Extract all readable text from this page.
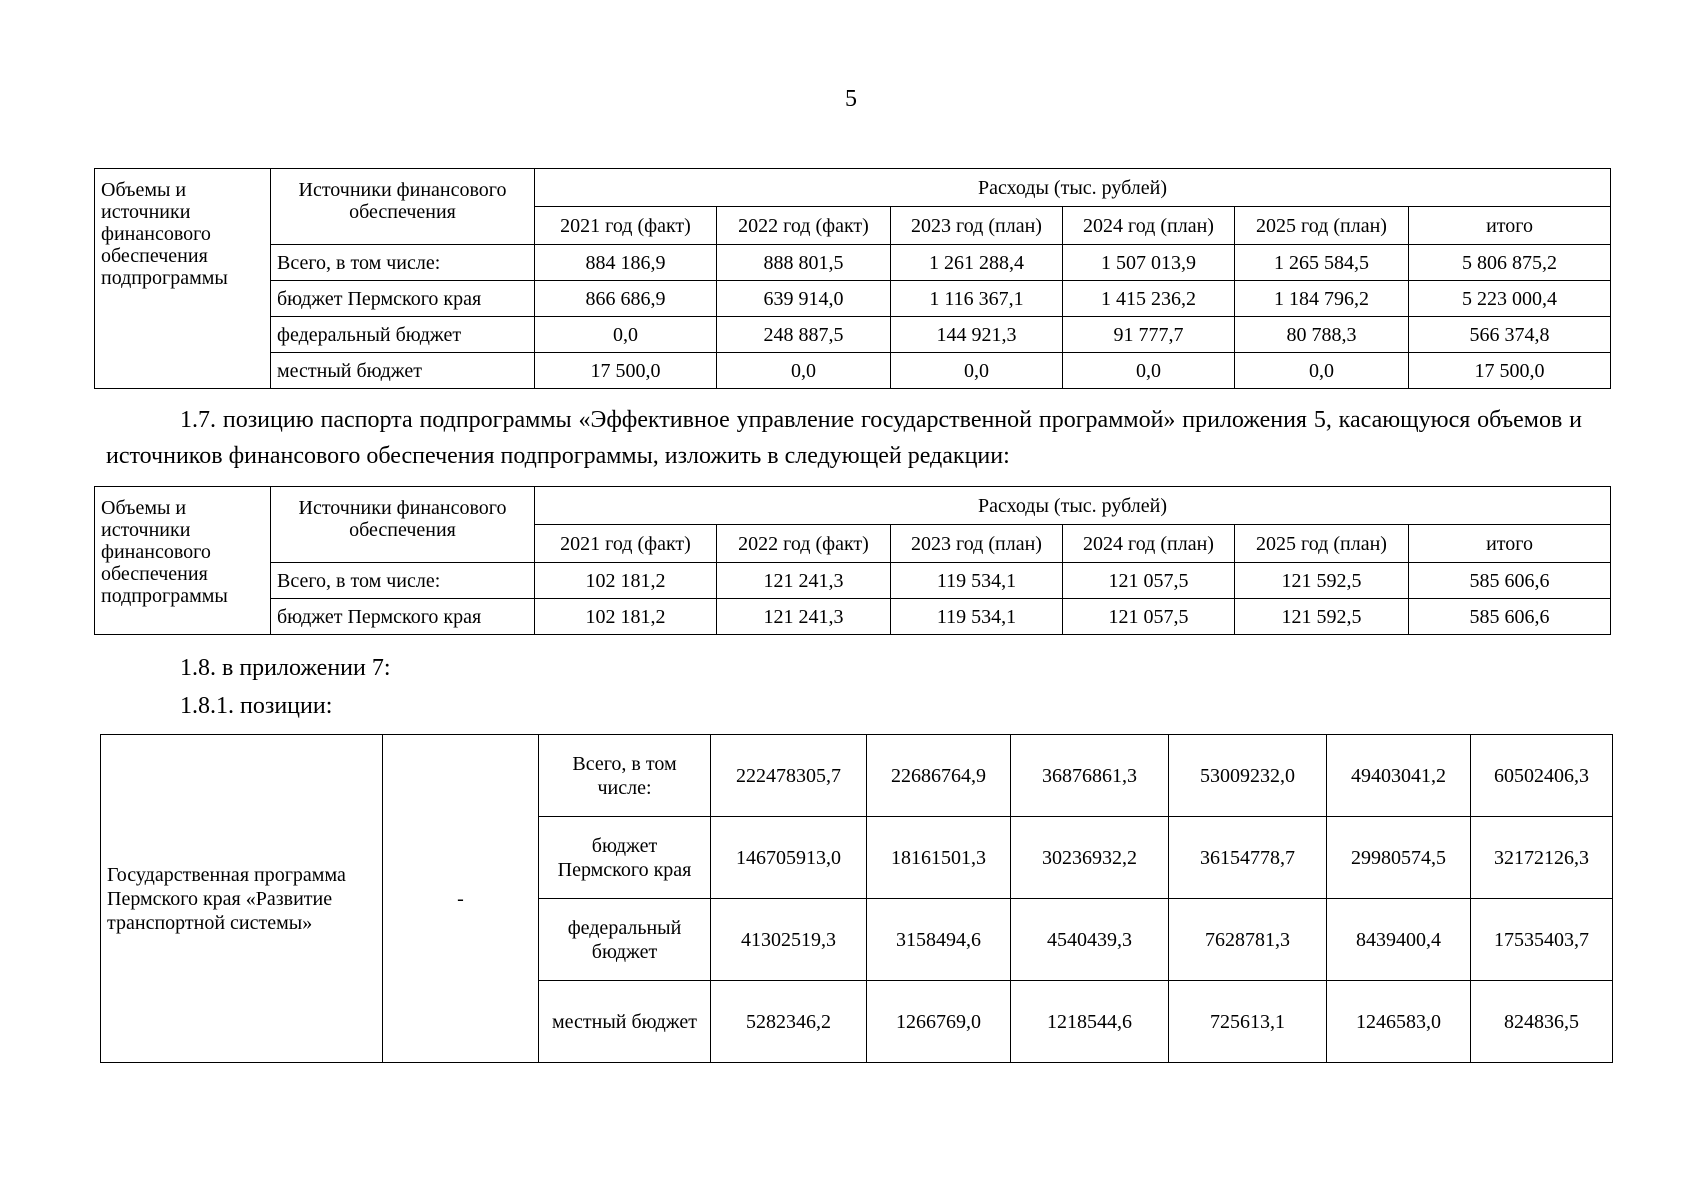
5
Объемы и источники финансового обеспечения подпрограммы	Источники финансового обеспечения	Расходы (тыс. рублей)					
		2021 год (факт)	2022 год (факт)	2023 год (план)	2024 год (план)	2025 год (план)	итого
	Всего, в том числе:	884 186,9	888 801,5	1 261 288,4	1 507 013,9	1 265 584,5	5 806 875,2
	бюджет Пермского края	866 686,9	639 914,0	1 116 367,1	1 415 236,2	1 184 796,2	5 223 000,4
	федеральный бюджет	0,0	248 887,5	144 921,3	91 777,7	80 788,3	566 374,8
	местный бюджет	17 500,0	0,0	0,0	0,0	0,0	17 500,0
1.7. позицию паспорта подпрограммы «Эффективное управление государственной программой» приложения 5, касающуюся объемов и источников финансового обеспечения подпрограммы, изложить в следующей редакции:
Объемы и источники финансового обеспечения подпрограммы	Источники финансового обеспечения	Расходы (тыс. рублей)					
		2021 год (факт)	2022 год (факт)	2023 год (план)	2024 год (план)	2025 год (план)	итого
	Всего, в том числе:	102 181,2	121 241,3	119 534,1	121 057,5	121 592,5	585 606,6
	бюджет Пермского края	102 181,2	121 241,3	119 534,1	121 057,5	121 592,5	585 606,6
1.8. в приложении 7:
1.8.1. позиции:
Государственная программа Пермского края «Развитие транспортной системы»	-	Всего, в том числе:	222478305,7	22686764,9	36876861,3	53009232,0	49403041,2	60502406,3
		бюджет Пермского края	146705913,0	18161501,3	30236932,2	36154778,7	29980574,5	32172126,3
		федеральный бюджет	41302519,3	3158494,6	4540439,3	7628781,3	8439400,4	17535403,7
		местный бюджет	5282346,2	1266769,0	1218544,6	725613,1	1246583,0	824836,5
